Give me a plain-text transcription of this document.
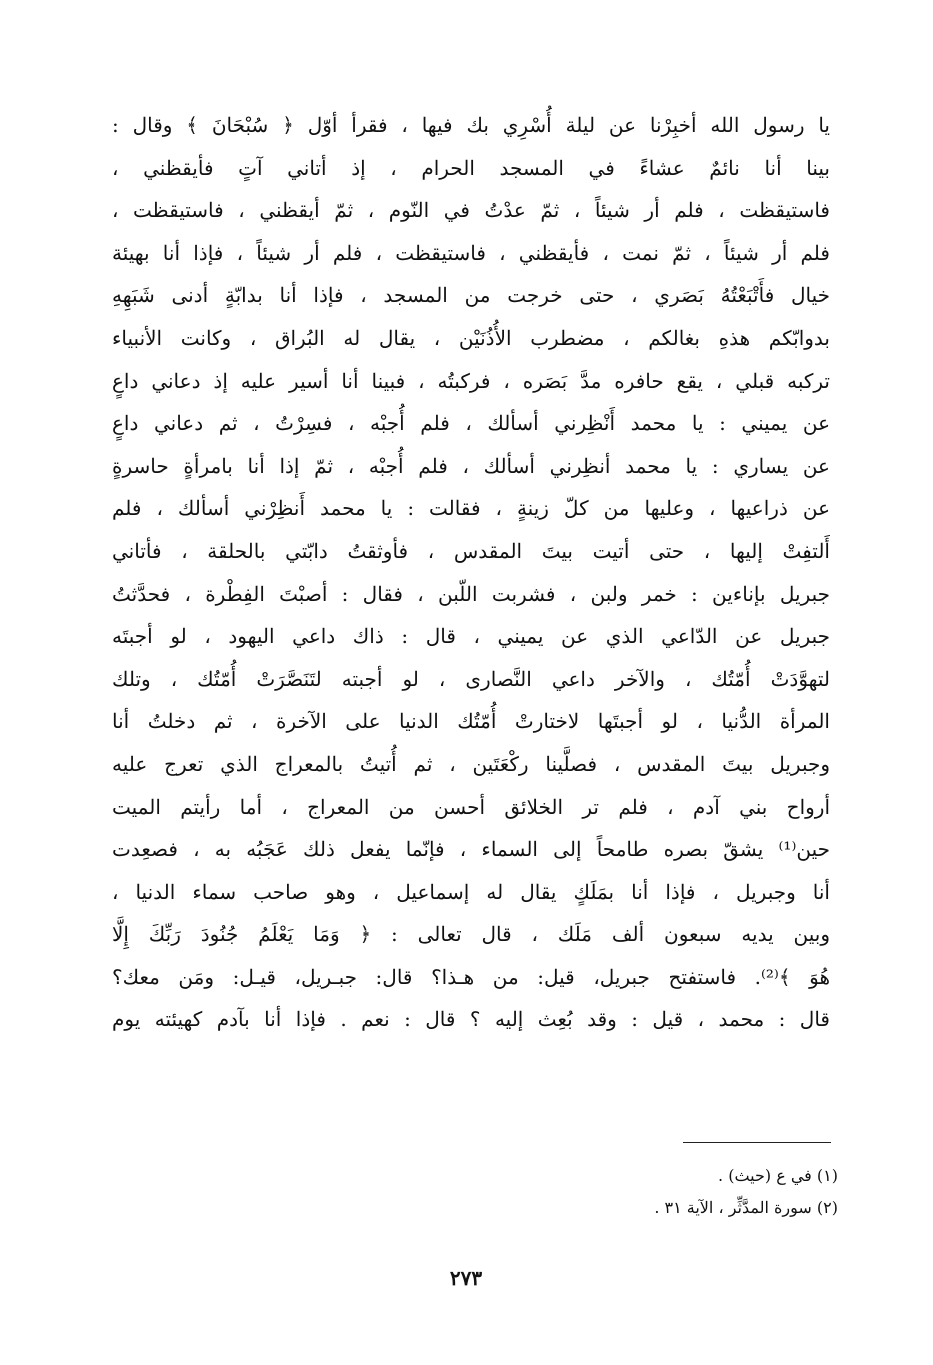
يا رسول الله أخبِرْنا عن ليلة أُسْرِي بك فيها ، فقرأ أوّل ﴿ سُبْحَانَ ﴾ وقال :
بينا أنا نائمٌ عشاءً في المسجد الحرام ، إذ أتاني آتٍ فأيقظني ،
فاستيقظت ، فلم أر شيئاً ، ثمّ عدْتُ في النّوم ، ثمّ أيقظني ، فاستيقظت ،
فلم أر شيئاً ، ثمّ نمت ، فأيقظني ، فاستيقظت ، فلم أر شيئاً ، فإذا أنا بهيئة
خيال فأَتْبَعْتُهُ بَصَري ، حتى خرجت من المسجد ، فإذا أنا بدابّةٍ أدنى شَبَهِهِ
بدوابّكم هذهِ بغالكم ، مضطرب الأُذُنَيْن ، يقال له البُراق ، وكانت الأنبياء
تركبه قبلي ، يقع حافره مدَّ بَصَره ، فركبتُه ، فبينا أنا أسير عليه إذ دعاني داعٍ
عن يميني : يا محمد أَنْظِرني أسألك ، فلم أُجبْه ، فسِرْتُ ، ثم دعاني داعٍ
عن يساري : يا محمد أنظِرني أسألك ، فلم أُجبْه ، ثمّ إذا أنا بامرأةٍ حاسرةٍ
عن ذراعيها ، وعليها من كلّ زينةٍ ، فقالت : يا محمد أَنظِرْني أسألك ، فلم
أَلتفِتْ إليها ، حتى أتيت بيتَ المقدس ، فأوثقتُ دابّتي بالحلقة ، فأتاني
جبريل بإناءين : خمر ولبن ، فشربت اللّبن ، فقال : أصبْتَ الفِطْرة ، فحدَّثتُ
جبريل عن الدّاعي الذي عن يميني ، قال : ذاك داعي اليهود ، لو أجبتَه
لتهوَّدَتْ أُمّتُك ، والآخر داعي النَّصارى ، لو أجبته لتَنَصَّرَتْ أُمّتُك ، وتلك
المرأة الدُّنيا ، لو أجبتَها لاختارتْ أُمّتُك الدنيا على الآخرة ، ثم دخلتُ أنا
وجبريل بيتَ المقدس ، فصلَّينا ركْعَتَين ، ثم أُتيتُ بالمعراج الذي تعرج عليه
أرواح بني آدم ، فلم تر الخلائق أحسن من المعراج ، أما رأيتم الميت
حين⁽¹⁾ يشقّ بصره طامحاً إلى السماء ، فإنّما يفعل ذلك عَجَبُه به ، فصعِدت
أنا وجبريل ، فإذا أنا بمَلَكٍ يقال له إسماعيل ، وهو صاحب سماء الدنيا ،
وبين يديه سبعون ألف مَلَك ، قال تعالى : ﴿ وَمَا يَعْلَمُ جُنُودَ رَبِّكَ إِلَّا
هُوَ ﴾⁽²⁾. فاستفتح جبريل، قيل: من هـذا؟ قال: جبـريل، قيـل: ومَن معك؟
قال : محمد ، قيل : وقد بُعِث إليه ؟ قال : نعم . فإذا أنا بآدم كهيئته يوم
(١) في ع (حيث) .
(٢) سورة المدَّثِّر ، الآية ٣١ .
٢٧٣
